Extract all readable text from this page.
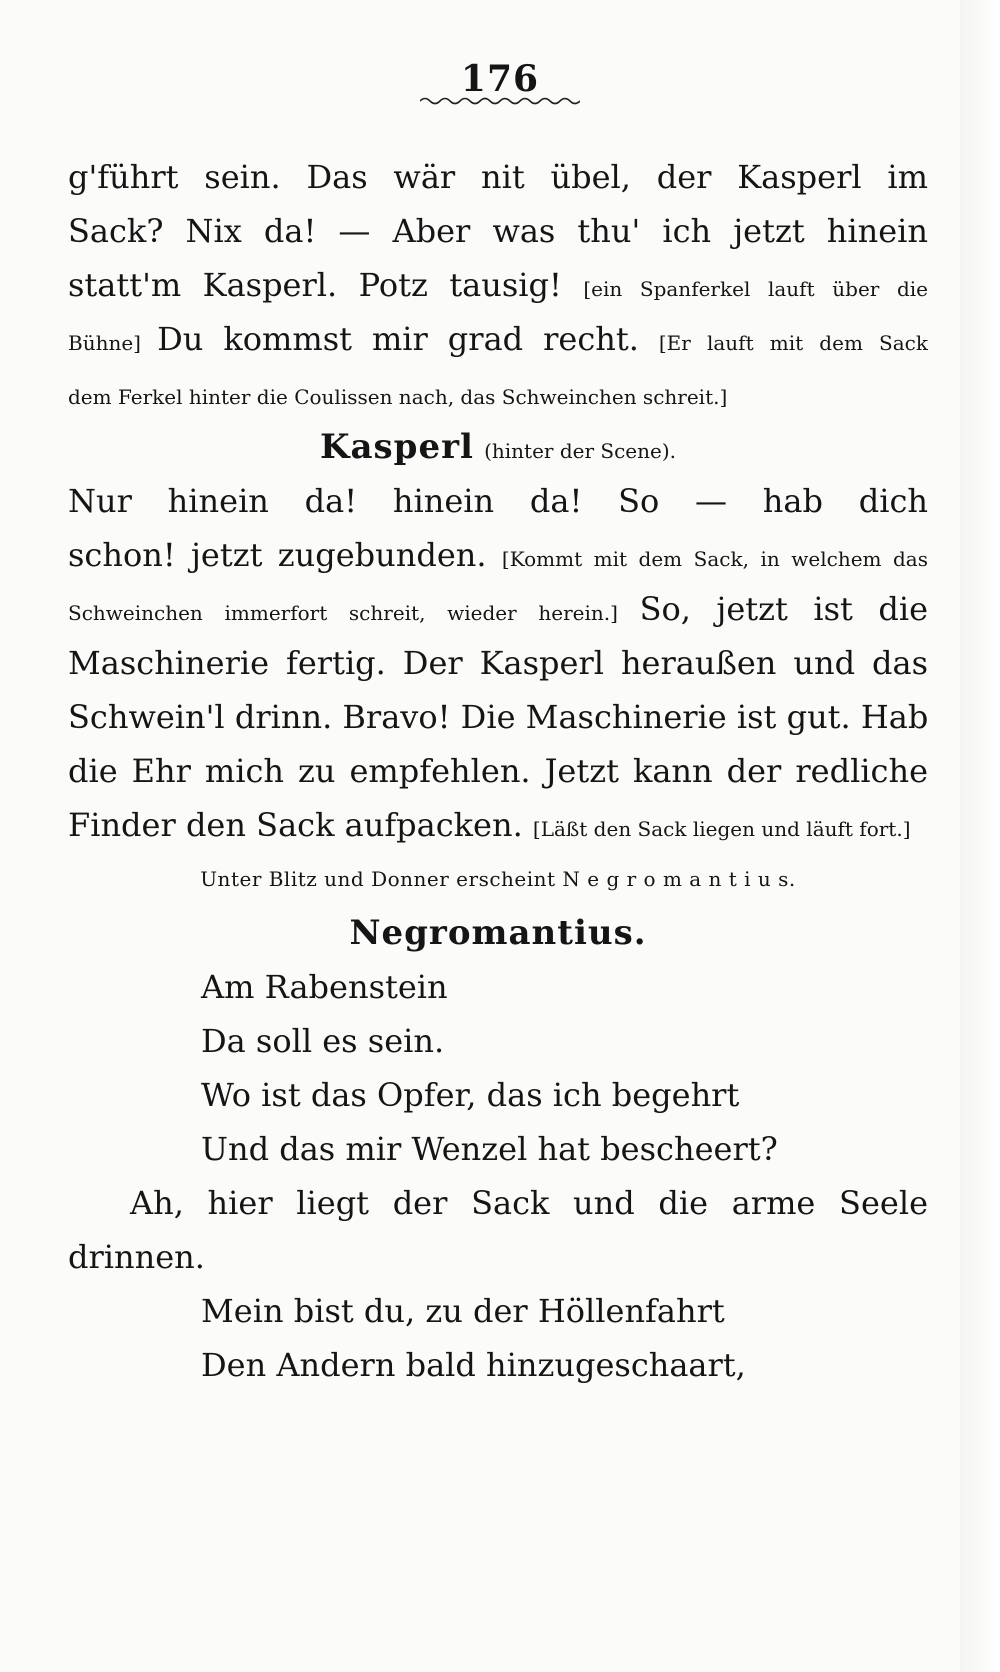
176
g'führt sein. Das wär nit übel, der Kasperl im
Sack? Nix da! — Aber was thu' ich jetzt hinein
statt'm Kasperl. Potz tausig! [ein Spanferkel lauft über die
Bühne] Du kommst mir grad recht. [Er lauft mit dem Sack
dem Ferkel hinter die Coulissen nach, das Schweinchen schreit.]
Kasperl (hinter der Scene).
Nur hinein da! hinein da! So — hab dich
schon! jetzt zugebunden. [Kommt mit dem Sack, in welchem das
Schweinchen immerfort schreit, wieder herein.] So, jetzt ist die
Maschinerie fertig. Der Kasperl heraußen und das
Schwein'l drinn. Bravo! Die Maschinerie ist gut. Hab
die Ehr mich zu empfehlen. Jetzt kann der redliche
Finder den Sack aufpacken. [Läßt den Sack liegen und läuft fort.]
Unter Blitz und Donner erscheint N e g r o m a n t i u s.
Negromantius.
Am Rabenstein
Da soll es sein.
Wo ist das Opfer, das ich begehrt
Und das mir Wenzel hat bescheert?
Ah, hier liegt der Sack und die arme Seele
drinnen.
Mein bist du, zu der Höllenfahrt
Den Andern bald hinzugeschaart,
